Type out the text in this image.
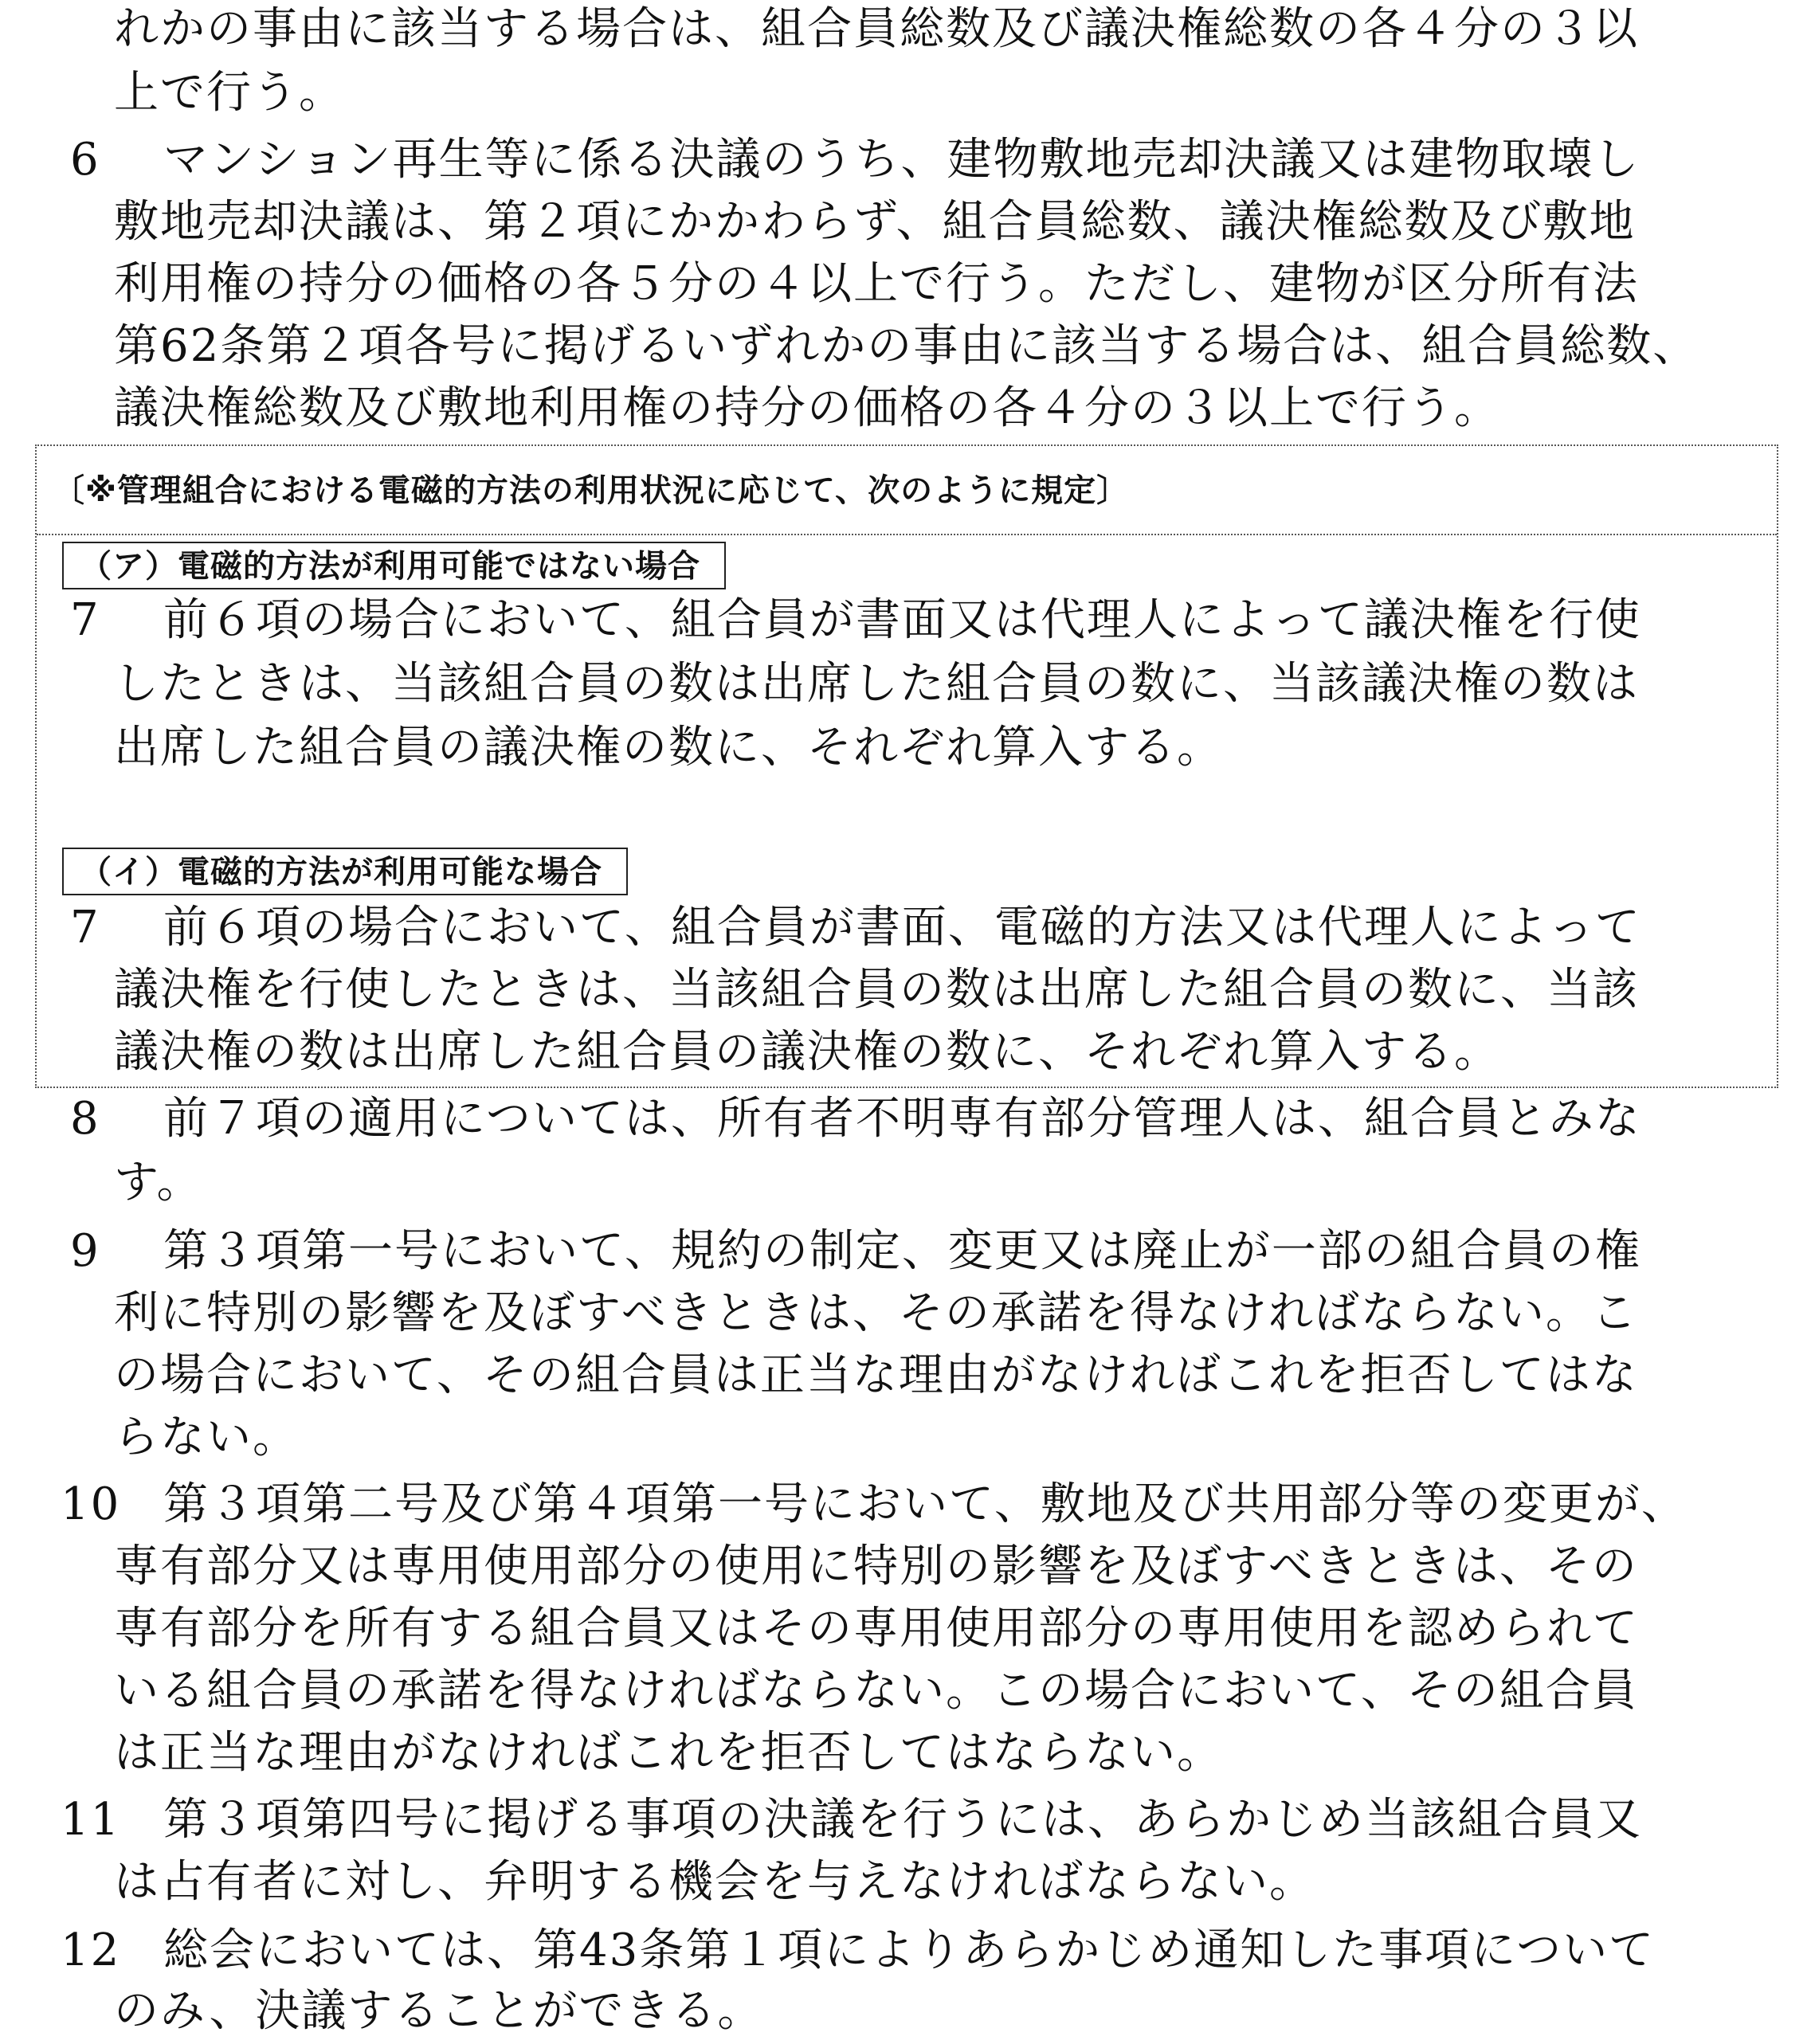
れかの事由に該当する場合は、組合員総数及び議決権総数の各４分の３以
上で行う。
6	マンション再生等に係る決議のうち、建物敷地売却決議又は建物取壊し
敷地売却決議は、第２項にかかわらず、組合員総数、議決権総数及び敷地
利用権の持分の価格の各５分の４以上で行う。ただし、建物が区分所有法
第62条第２項各号に掲げるいずれかの事由に該当する場合は、組合員総数、
議決権総数及び敷地利用権の持分の価格の各４分の３以上で行う。
〔※管理組合における電磁的方法の利用状況に応じて、次のように規定〕
（ア）電磁的方法が利用可能ではない場合
7	前６項の場合において、組合員が書面又は代理人によって議決権を行使
したときは、当該組合員の数は出席した組合員の数に、当該議決権の数は
出席した組合員の議決権の数に、それぞれ算入する。
（イ）電磁的方法が利用可能な場合
7	前６項の場合において、組合員が書面、電磁的方法又は代理人によって
議決権を行使したときは、当該組合員の数は出席した組合員の数に、当該
議決権の数は出席した組合員の議決権の数に、それぞれ算入する。
8	前７項の適用については、所有者不明専有部分管理人は、組合員とみな
す。
9	第３項第一号において、規約の制定、変更又は廃止が一部の組合員の権
利に特別の影響を及ぼすべきときは、その承諾を得なければならない。こ
の場合において、その組合員は正当な理由がなければこれを拒否してはな
らない。
10 第３項第二号及び第４項第一号において、敷地及び共用部分等の変更が、
専有部分又は専用使用部分の使用に特別の影響を及ぼすべきときは、その
専有部分を所有する組合員又はその専用使用部分の専用使用を認められて
いる組合員の承諾を得なければならない。この場合において、その組合員
は正当な理由がなければこれを拒否してはならない。
11 第３項第四号に掲げる事項の決議を行うには、あらかじめ当該組合員又
は占有者に対し、弁明する機会を与えなければならない。
12 総会においては、第43条第１項によりあらかじめ通知した事項について
のみ、決議することができる。
